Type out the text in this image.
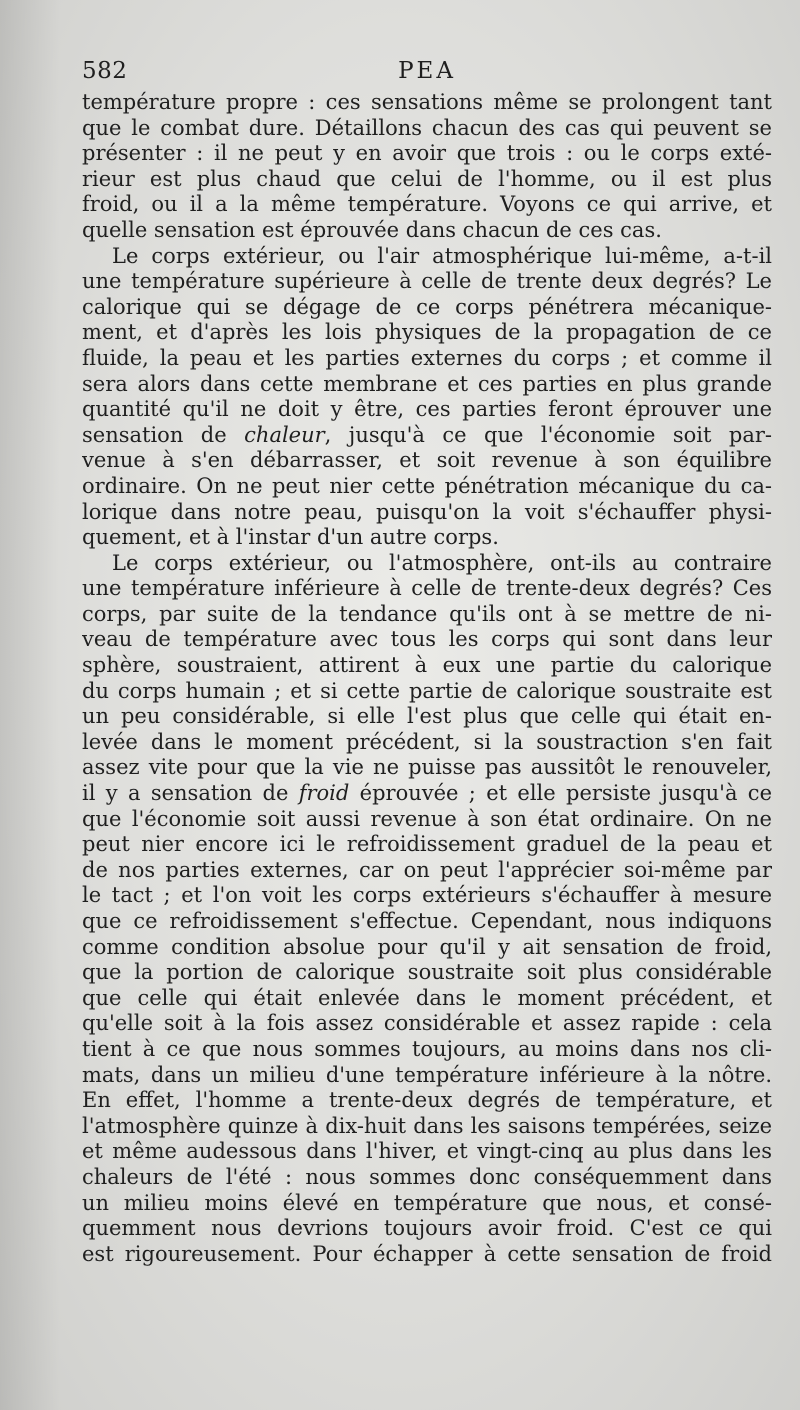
582	PEA
température propre : ces sensations même se prolongent tant
que le combat dure. Détaillons chacun des cas qui peuvent se
présenter : il ne peut y en avoir que trois : ou le corps exté-
rieur est plus chaud que celui de l'homme, ou il est plus
froid, ou il a la même température. Voyons ce qui arrive, et
quelle sensation est éprouvée dans chacun de ces cas.
Le corps extérieur, ou l'air atmosphérique lui-même, a-t-il
une température supérieure à celle de trente deux degrés? Le
calorique qui se dégage de ce corps pénétrera mécanique-
ment, et d'après les lois physiques de la propagation de ce
fluide, la peau et les parties externes du corps ; et comme il
sera alors dans cette membrane et ces parties en plus grande
quantité qu'il ne doit y être, ces parties feront éprouver une
sensation de chaleur, jusqu'à ce que l'économie soit par-
venue à s'en débarrasser, et soit revenue à son équilibre
ordinaire. On ne peut nier cette pénétration mécanique du ca-
lorique dans notre peau, puisqu'on la voit s'échauffer physi-
quement, et à l'instar d'un autre corps.
Le corps extérieur, ou l'atmosphère, ont-ils au contraire
une température inférieure à celle de trente-deux degrés? Ces
corps, par suite de la tendance qu'ils ont à se mettre de ni-
veau de température avec tous les corps qui sont dans leur
sphère, soustraient, attirent à eux une partie du calorique
du corps humain ; et si cette partie de calorique soustraite est
un peu considérable, si elle l'est plus que celle qui était en-
levée dans le moment précédent, si la soustraction s'en fait
assez vite pour que la vie ne puisse pas aussitôt le renouveler,
il y a sensation de froid éprouvée ; et elle persiste jusqu'à ce
que l'économie soit aussi revenue à son état ordinaire. On ne
peut nier encore ici le refroidissement graduel de la peau et
de nos parties externes, car on peut l'apprécier soi-même par
le tact ; et l'on voit les corps extérieurs s'échauffer à mesure
que ce refroidissement s'effectue. Cependant, nous indiquons
comme condition absolue pour qu'il y ait sensation de froid,
que la portion de calorique soustraite soit plus considérable
que celle qui était enlevée dans le moment précédent, et
qu'elle soit à la fois assez considérable et assez rapide : cela
tient à ce que nous sommes toujours, au moins dans nos cli-
mats, dans un milieu d'une température inférieure à la nôtre.
En effet, l'homme a trente-deux degrés de température, et
l'atmosphère quinze à dix-huit dans les saisons tempérées, seize
et même audessous dans l'hiver, et vingt-cinq au plus dans les
chaleurs de l'été : nous sommes donc conséquemment dans
un milieu moins élevé en température que nous, et consé-
quemment nous devrions toujours avoir froid. C'est ce qui
est rigoureusement. Pour échapper à cette sensation de froid
